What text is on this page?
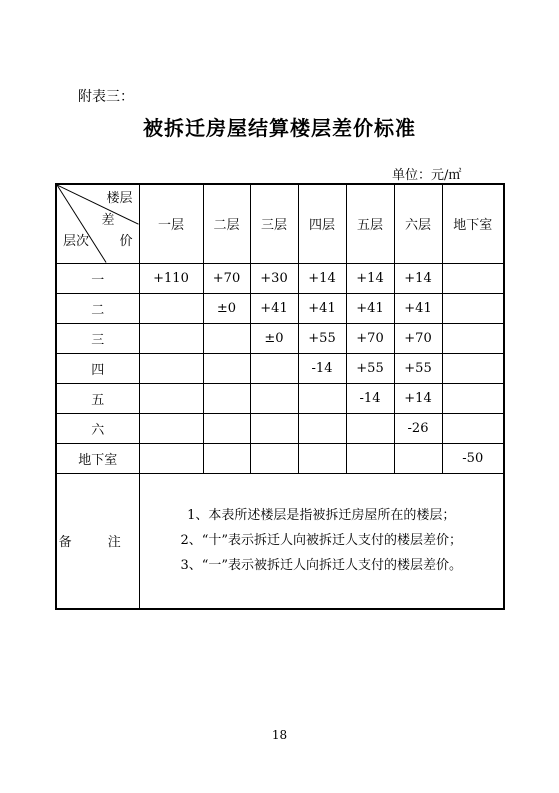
附表三：
被拆迁房屋结算楼层差价标准
单位：元/㎡
楼层
差
价
层次	一层	二层	三层	四层	五层	六层	地下室
一	+110	+70	+30	+14	+14	+14	
二		±0	+41	+41	+41	+41	
三			±0	+55	+70	+70	
四				-14	+55	+55	
五					-14	+14	
六						-26	
地下室							-50
备 注	1、本表所述楼层是指被拆迁房屋所在的楼层；
2、“十”表示拆迁人向被拆迁人支付的楼层差价；
3、“一”表示被拆迁人向拆迁人支付的楼层差价。						
18
